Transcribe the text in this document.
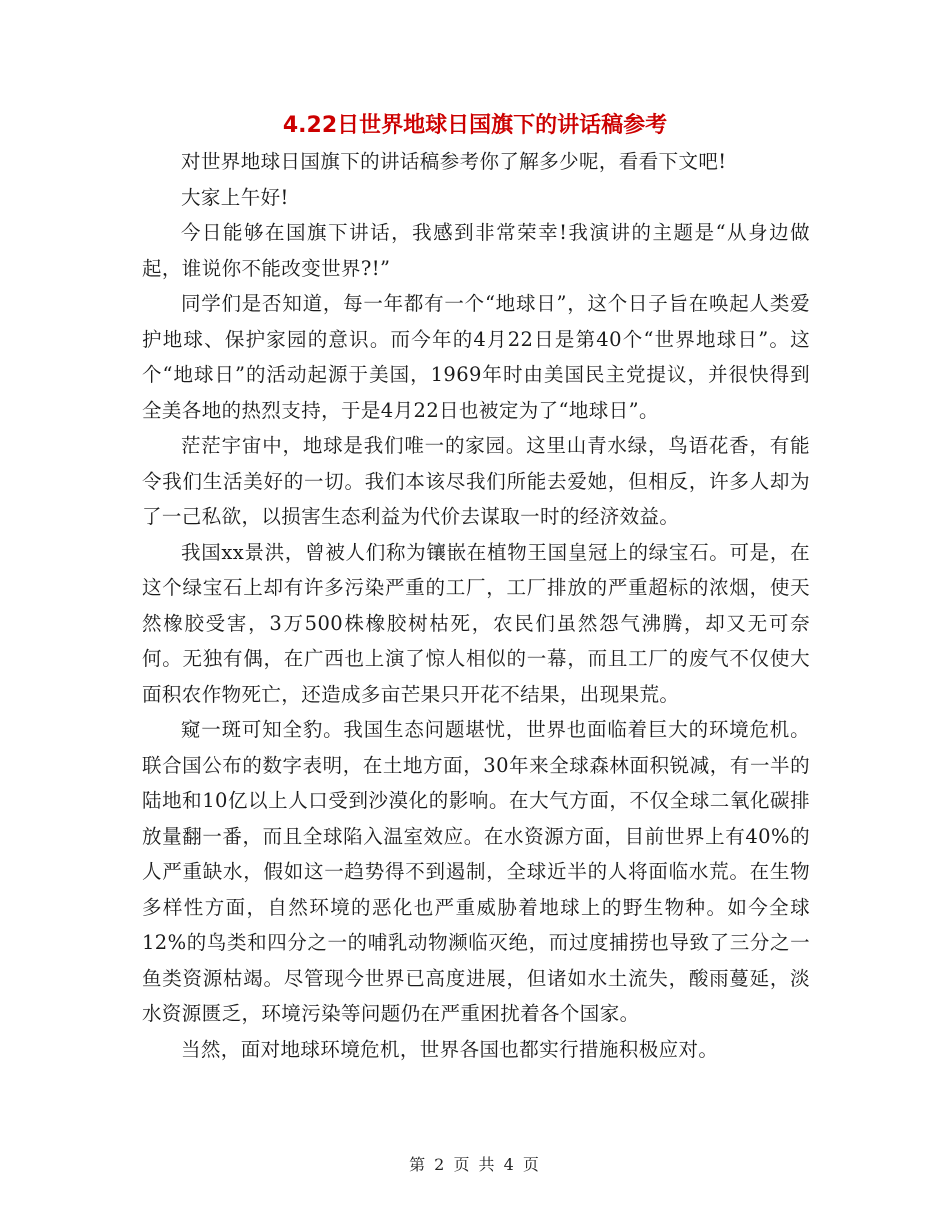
4.22日世界地球日国旗下的讲话稿参考

对世界地球日国旗下的讲话稿参考你了解多少呢，看看下文吧!

大家上午好!

今日能够在国旗下讲话，我感到非常荣幸!我演讲的主题是“从身边做起，谁说你不能改变世界?!”

同学们是否知道，每一年都有一个“地球日”，这个日子旨在唤起人类爱护地球、保护家园的意识。而今年的4月22日是第40个“世界地球日”。这个“地球日”的活动起源于美国，1969年时由美国民主党提议，并很快得到全美各地的热烈支持，于是4月22日也被定为了“地球日”。

茫茫宇宙中，地球是我们唯一的家园。这里山青水绿，鸟语花香，有能令我们生活美好的一切。我们本该尽我们所能去爱她，但相反，许多人却为了一己私欲，以损害生态利益为代价去谋取一时的经济效益。

我国xx景洪，曾被人们称为镶嵌在植物王国皇冠上的绿宝石。可是，在这个绿宝石上却有许多污染严重的工厂，工厂排放的严重超标的浓烟，使天然橡胶受害，3万500株橡胶树枯死，农民们虽然怨气沸腾，却又无可奈何。无独有偶，在广西也上演了惊人相似的一幕，而且工厂的废气不仅使大面积农作物死亡，还造成多亩芒果只开花不结果，出现果荒。

窥一斑可知全豹。我国生态问题堪忧，世界也面临着巨大的环境危机。联合国公布的数字表明，在土地方面，30年来全球森林面积锐减，有一半的陆地和10亿以上人口受到沙漠化的影响。在大气方面，不仅全球二氧化碳排放量翻一番，而且全球陷入温室效应。在水资源方面，目前世界上有40%的人严重缺水，假如这一趋势得不到遏制，全球近半的人将面临水荒。在生物多样性方面，自然环境的恶化也严重威胁着地球上的野生物种。如今全球12%的鸟类和四分之一的哺乳动物濒临灭绝，而过度捕捞也导致了三分之一鱼类资源枯竭。尽管现今世界已高度进展，但诸如水土流失，酸雨蔓延，淡水资源匮乏，环境污染等问题仍在严重困扰着各个国家。

当然，面对地球环境危机，世界各国也都实行措施积极应对。

第 2 页 共 4 页
